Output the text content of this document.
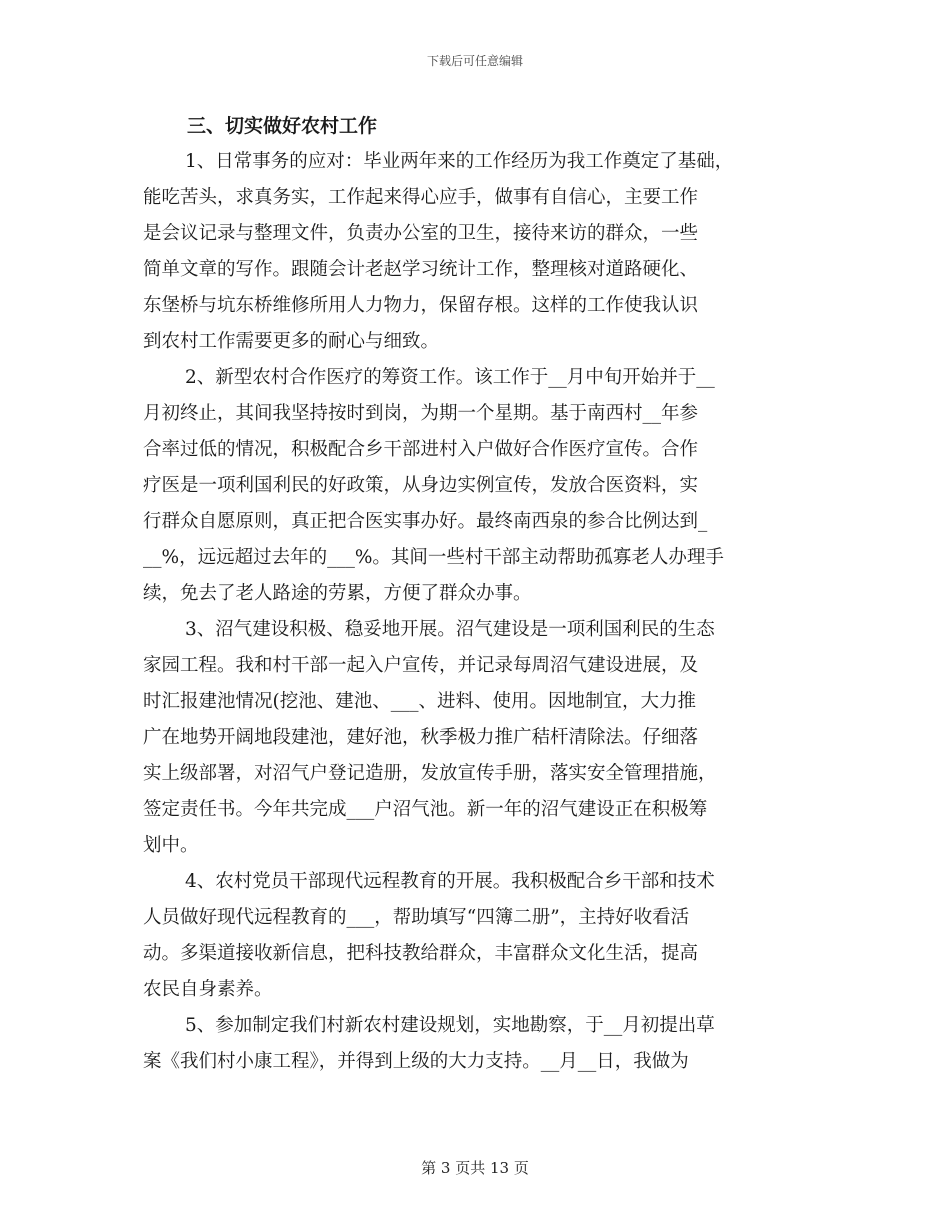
下载后可任意编辑
三、切实做好农村工作
1、日常事务的应对：毕业两年来的工作经历为我工作奠定了基础，
能吃苦头，求真务实，工作起来得心应手，做事有自信心，主要工作
是会议记录与整理文件，负责办公室的卫生，接待来访的群众，一些
简单文章的写作。跟随会计老赵学习统计工作，整理核对道路硬化、
东堡桥与坑东桥维修所用人力物力，保留存根。这样的工作使我认识
到农村工作需要更多的耐心与细致。
2、新型农村合作医疗的筹资工作。该工作于__月中旬开始并于__
月初终止，其间我坚持按时到岗，为期一个星期。基于南西村__年参
合率过低的情况，积极配合乡干部进村入户做好合作医疗宣传。合作
疗医是一项利国利民的好政策，从身边实例宣传，发放合医资料，实
行群众自愿原则，真正把合医实事办好。最终南西泉的参合比例达到_
__%，远远超过去年的___%。其间一些村干部主动帮助孤寡老人办理手
续，免去了老人路途的劳累，方便了群众办事。
3、沼气建设积极、稳妥地开展。沼气建设是一项利国利民的生态
家园工程。我和村干部一起入户宣传，并记录每周沼气建设进展，及
时汇报建池情况(挖池、建池、___、进料、使用。因地制宜，大力推
广在地势开阔地段建池，建好池，秋季极力推广秸杆清除法。仔细落
实上级部署，对沼气户登记造册，发放宣传手册，落实安全管理措施，
签定责任书。今年共完成___户沼气池。新一年的沼气建设正在积极筹
划中。
4、农村党员干部现代远程教育的开展。我积极配合乡干部和技术
人员做好现代远程教育的___，帮助填写“四簿二册”，主持好收看活
动。多渠道接收新信息，把科技教给群众，丰富群众文化生活，提高
农民自身素养。
5、参加制定我们村新农村建设规划，实地勘察，于__月初提出草
案《我们村小康工程》，并得到上级的大力支持。__月__日，我做为
第 3 页共 13 页
